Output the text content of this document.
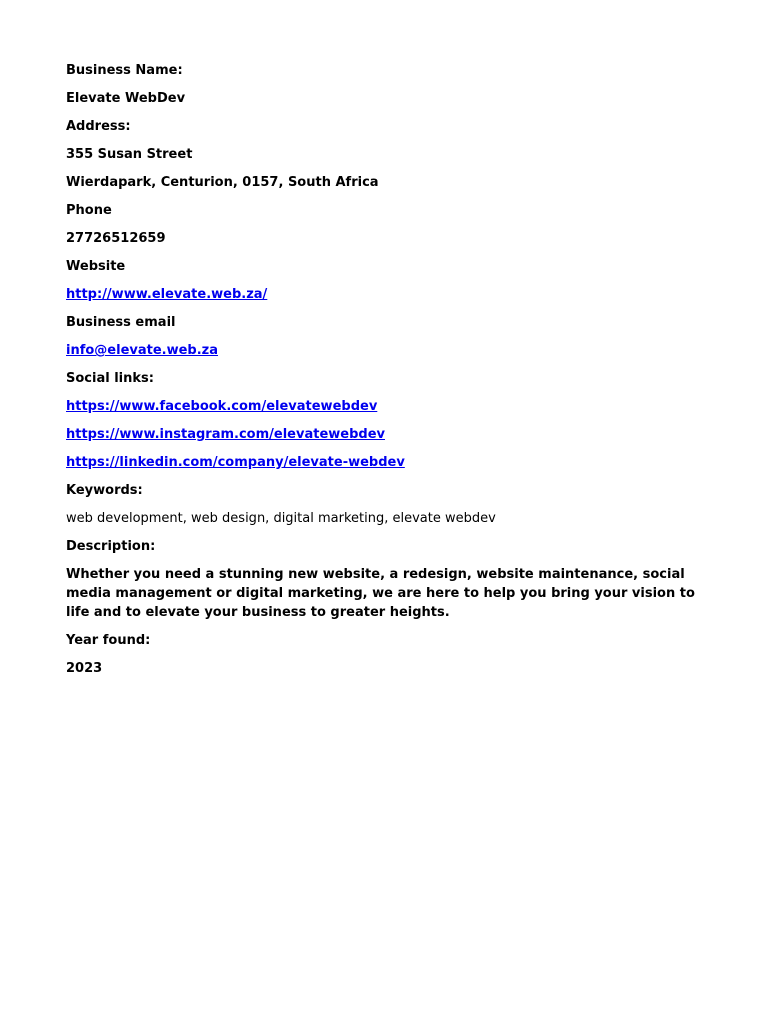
Business Name:
Elevate WebDev
Address:
355 Susan Street
Wierdapark, Centurion, 0157, South Africa
Phone
27726512659
Website
http://www.elevate.web.za/
Business email
info@elevate.web.za
Social links:
https://www.facebook.com/elevatewebdev
https://www.instagram.com/elevatewebdev
https://linkedin.com/company/elevate-webdev
Keywords:
web development, web design, digital marketing, elevate webdev
Description:
Whether you need a stunning new website, a redesign, website maintenance, social media management or digital marketing, we are here to help you bring your vision to life and to elevate your business to greater heights.
Year found:
2023
